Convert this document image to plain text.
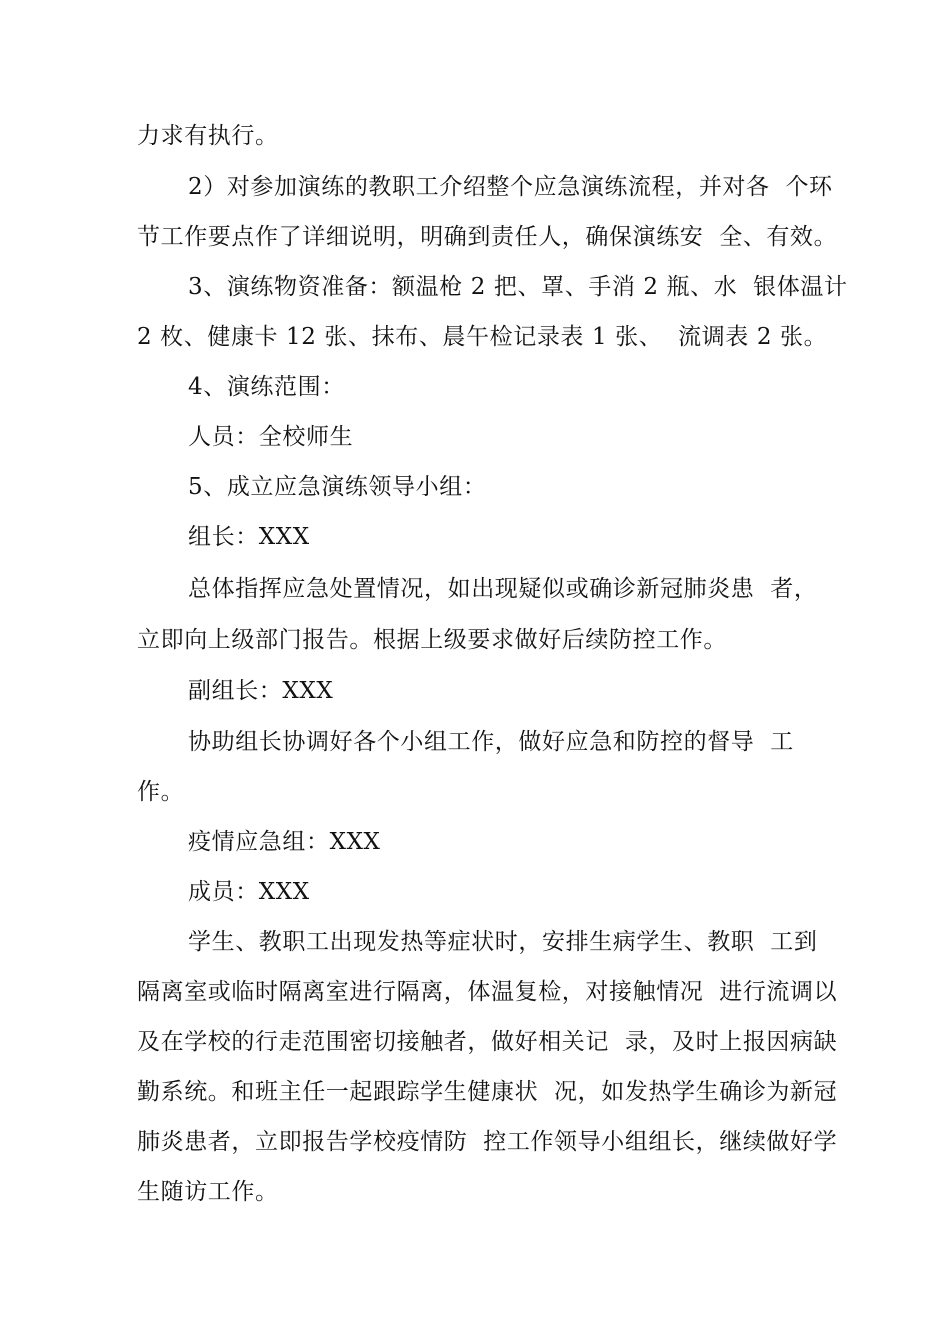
力求有执行。
2）对参加演练的教职工介绍整个应急演练流程，并对各  个环
节工作要点作了详细说明，明确到责任人，确保演练安  全、有效。
3、演练物资准备：额温枪 2 把、罩、手消 2 瓶、水  银体温计
2 枚、健康卡 12 张、抹布、晨午检记录表 1 张、  流调表 2 张。
4、演练范围：
人员：全校师生
5、成立应急演练领导小组：
组长：XXX
总体指挥应急处置情况，如出现疑似或确诊新冠肺炎患  者，
立即向上级部门报告。根据上级要求做好后续防控工作。
副组长：XXX
协助组长协调好各个小组工作，做好应急和防控的督导  工
作。
疫情应急组：XXX
成员：XXX
学生、教职工出现发热等症状时，安排生病学生、教职  工到
隔离室或临时隔离室进行隔离，体温复检，对接触情况  进行流调以
及在学校的行走范围密切接触者，做好相关记  录，及时上报因病缺
勤系统。和班主任一起跟踪学生健康状  况，如发热学生确诊为新冠
肺炎患者，立即报告学校疫情防  控工作领导小组组长，继续做好学
生随访工作。
